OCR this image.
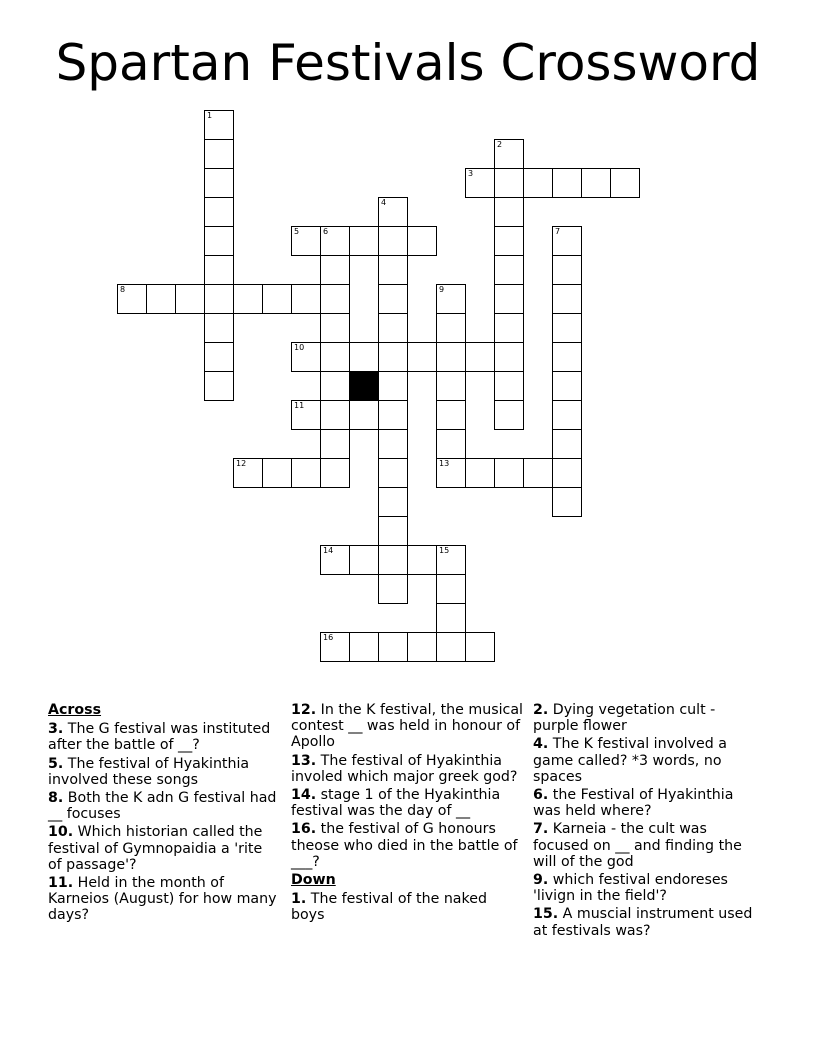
Spartan Festivals Crossword
1
2
3
4
5	6	7
8	9
10
11
12	13
14	15
16
Across
3. The G festival was instituted after the battle of __?
5. The festival of Hyakinthia involved these songs
8. Both the K adn G festival had __ focuses
10. Which historian called the festival of Gymnopaidia a 'rite of passage'?
11. Held in the month of Karneios (August) for how many days?
12. In the K festival, the musical contest __ was held in honour of Apollo
13. The festival of Hyakinthia involed which major greek god?
14. stage 1 of the Hyakinthia festival was the day of __
16. the festival of G honours theose who died in the battle of ___?
Down
1. The festival of the naked boys
2. Dying vegetation cult - purple flower
4. The K festival involved a game called? *3 words, no spaces
6. the Festival of Hyakinthia was held where?
7. Karneia - the cult was focused on __ and finding the will of the god
9. which festival endoreses 'livign in the field'?
15. A muscial instrument used at festivals was?
